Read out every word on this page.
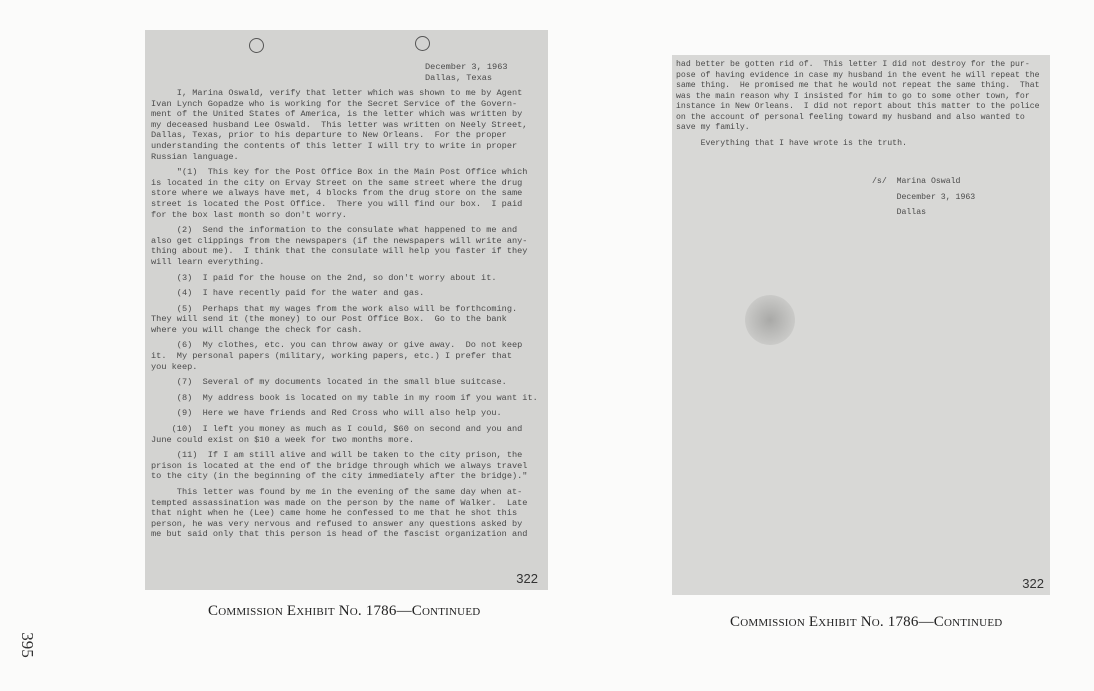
December 3, 1963
Dallas, Texas
I, Marina Oswald, verify that letter which was shown to me by Agent
Ivan Lynch Gopadze who is working for the Secret Service of the Govern-
ment of the United States of America, is the letter which was written by
my deceased husband Lee Oswald.  This letter was written on Neely Street,
Dallas, Texas, prior to his departure to New Orleans.  For the proper
understanding the contents of this letter I will try to write in proper
Russian language.

"(1)  This key for the Post Office Box in the Main Post Office which
is located in the city on Ervay Street on the same street where the drug
store where we always have met, 4 blocks from the drug store on the same
street is located the Post Office.  There you will find our box.  I paid
for the box last month so don't worry.

(2)  Send the information to the consulate what happened to me and
also get clippings from the newspapers (if the newspapers will write any-
thing about me).  I think that the consulate will help you faster if they
will learn everything.

(3)  I paid for the house on the 2nd, so don't worry about it.

(4)  I have recently paid for the water and gas.

(5)  Perhaps that my wages from the work also will be forthcoming.
They will send it (the money) to our Post Office Box.  Go to the bank
where you will change the check for cash.

(6)  My clothes, etc. you can throw away or give away.  Do not keep
it.  My personal papers (military, working papers, etc.) I prefer that
you keep.

(7)  Several of my documents located in the small blue suitcase.

(8)  My address book is located on my table in my room if you want it.

(9)  Here we have friends and Red Cross who will also help you.

(10)  I left you money as much as I could, $60 on second and you and
June could exist on $10 a week for two months more.

(11)  If I am still alive and will be taken to the city prison, the
prison is located at the end of the bridge through which we always travel
to the city (in the beginning of the city immediately after the bridge)."

This letter was found by me in the evening of the same day when at-
tempted assassination was made on the person by the name of Walker.  Late
that night when he (Lee) came home he confessed to me that he shot this
person, he was very nervous and refused to answer any questions asked by
me but said only that this person is head of the fascist organization and
322
Commission Exhibit No. 1786—Continued
had better be gotten rid of.  This letter I did not destroy for the pur-
pose of having evidence in case my husband in the event he will repeat the
same thing.  He promised me that he would not repeat the same thing.  That
was the main reason why I insisted for him to go to some other town, for
instance in New Orleans.  I did not report about this matter to the police
on the account of personal feeling toward my husband and also wanted to
save my family.

Everything that I have wrote is the truth.
/s/  Marina Oswald

December 3, 1963

Dallas
322
Commission Exhibit No. 1786—Continued
395
